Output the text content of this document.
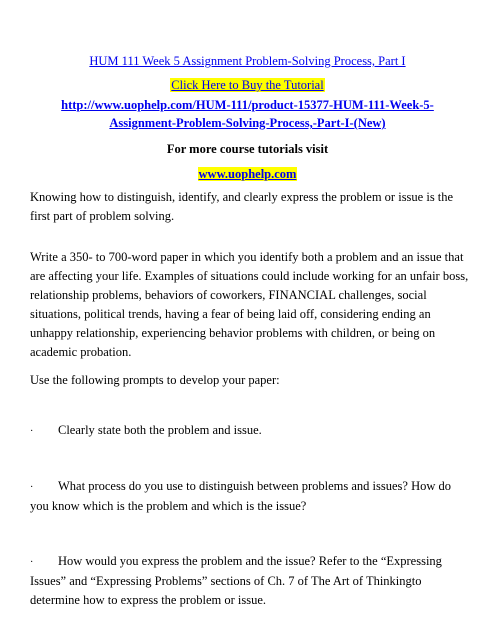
HUM 111 Week 5 Assignment Problem-Solving Process, Part I
Click Here to Buy the Tutorial
http://www.uophelp.com/HUM-111/product-15377-HUM-111-Week-5-Assignment-Problem-Solving-Process,-Part-I-(New)
For more course tutorials visit
www.uophelp.com
Knowing how to distinguish, identify, and clearly express the problem or issue is the first part of problem solving.
Write a 350- to 700-word paper in which you identify both a problem and an issue that are affecting your life. Examples of situations could include working for an unfair boss, relationship problems, behaviors of coworkers, FINANCIAL challenges, social situations, political trends, having a fear of being laid off, considering ending an unhappy relationship, experiencing behavior problems with children, or being on academic probation.
Use the following prompts to develop your paper:
· Clearly state both the problem and issue.
· What process do you use to distinguish between problems and issues? How do you know which is the problem and which is the issue?
· How would you express the problem and the issue? Refer to the “Expressing Issues” and “Expressing Problems” sections of Ch. 7 of The Art of Thinkingto determine how to express the problem or issue.
